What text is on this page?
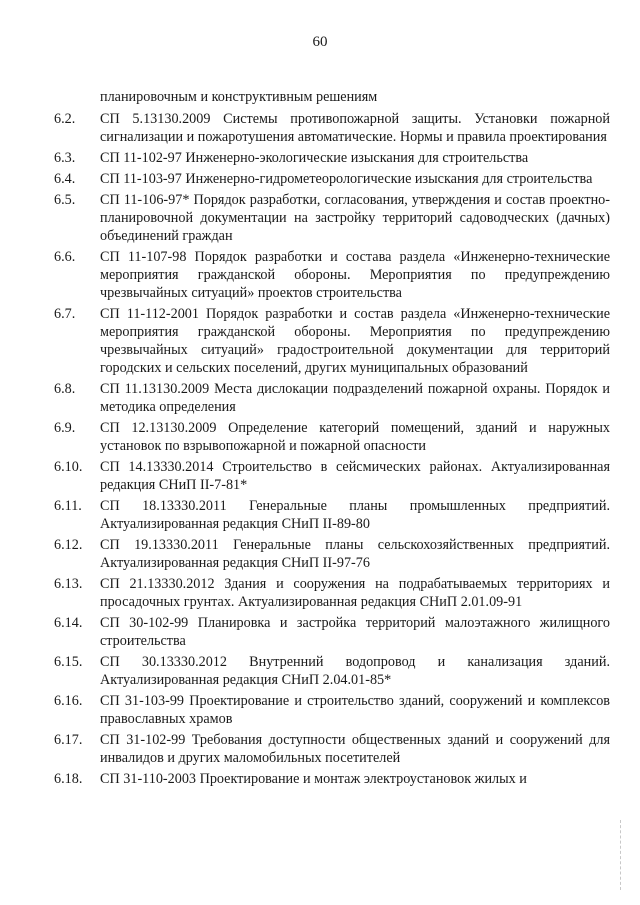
60
планировочным и конструктивным решениям
6.2.	СП 5.13130.2009 Системы противопожарной защиты. Установки пожарной сигнализации и пожаротушения автоматические. Нормы и правила проектирования
6.3.	СП 11-102-97 Инженерно-экологические изыскания для строительства
6.4.	СП 11-103-97 Инженерно-гидрометеорологические изыскания для строительства
6.5.	СП 11-106-97* Порядок разработки, согласования, утверждения и состав проектно-планировочной документации на застройку территорий садоводческих (дачных) объединений граждан
6.6.	СП 11-107-98 Порядок разработки и состава раздела «Инженерно-технические мероприятия гражданской обороны. Мероприятия по предупреждению чрезвычайных ситуаций» проектов строительства
6.7.	СП 11-112-2001 Порядок разработки и состав раздела «Инженерно-технические мероприятия гражданской обороны. Мероприятия по предупреждению чрезвычайных ситуаций» градостроительной документации для территорий городских и сельских поселений, других муниципальных образований
6.8.	СП 11.13130.2009 Места дислокации подразделений пожарной охраны. Порядок и методика определения
6.9.	СП 12.13130.2009 Определение категорий помещений, зданий и наружных установок по взрывопожарной и пожарной опасности
6.10.	СП 14.13330.2014 Строительство в сейсмических районах. Актуализированная редакция СНиП II-7-81*
6.11.	СП 18.13330.2011 Генеральные планы промышленных предприятий. Актуализированная редакция СНиП II-89-80
6.12.	СП 19.13330.2011 Генеральные планы сельскохозяйственных предприятий. Актуализированная редакция СНиП II-97-76
6.13.	СП 21.13330.2012 Здания и сооружения на подрабатываемых территориях и просадочных грунтах. Актуализированная редакция СНиП 2.01.09-91
6.14.	СП 30-102-99 Планировка и застройка территорий малоэтажного жилищного строительства
6.15.	СП 30.13330.2012 Внутренний водопровод и канализация зданий. Актуализированная редакция СНиП 2.04.01-85*
6.16.	СП 31-103-99 Проектирование и строительство зданий, сооружений и комплексов православных храмов
6.17.	СП 31-102-99 Требования доступности общественных зданий и сооружений для инвалидов и других маломобильных посетителей
6.18.	СП 31-110-2003 Проектирование и монтаж электроустановок жилых и
